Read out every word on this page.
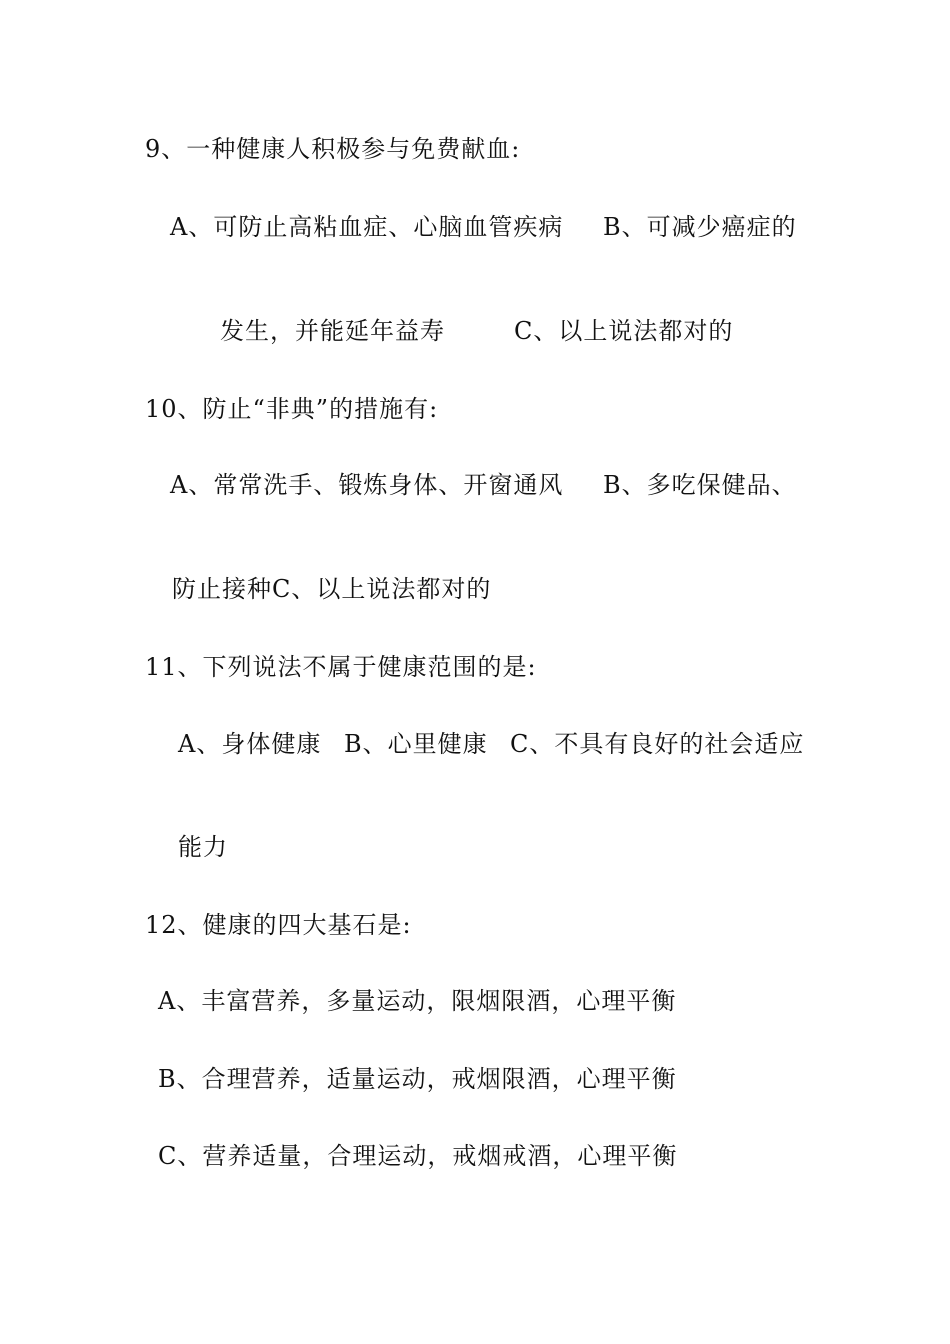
9、一种健康人积极参与免费献血:
A、可防止高粘血症、心脑血管疾病 B、可减少癌症的
发生，并能延年益寿	C、以上说法都对的
10、防止“非典”的措施有:
A、常常洗手、锻炼身体、开窗通风 B、多吃保健品、
防止接种C、以上说法都对的
11、下列说法不属于健康范围的是:
A、身体健康 B、心里健康 C、不具有良好的社会适应
能力
12、健康的四大基石是:
A、丰富营养，多量运动，限烟限酒，心理平衡
B、合理营养，适量运动，戒烟限酒，心理平衡
C、营养适量，合理运动，戒烟戒酒，心理平衡
